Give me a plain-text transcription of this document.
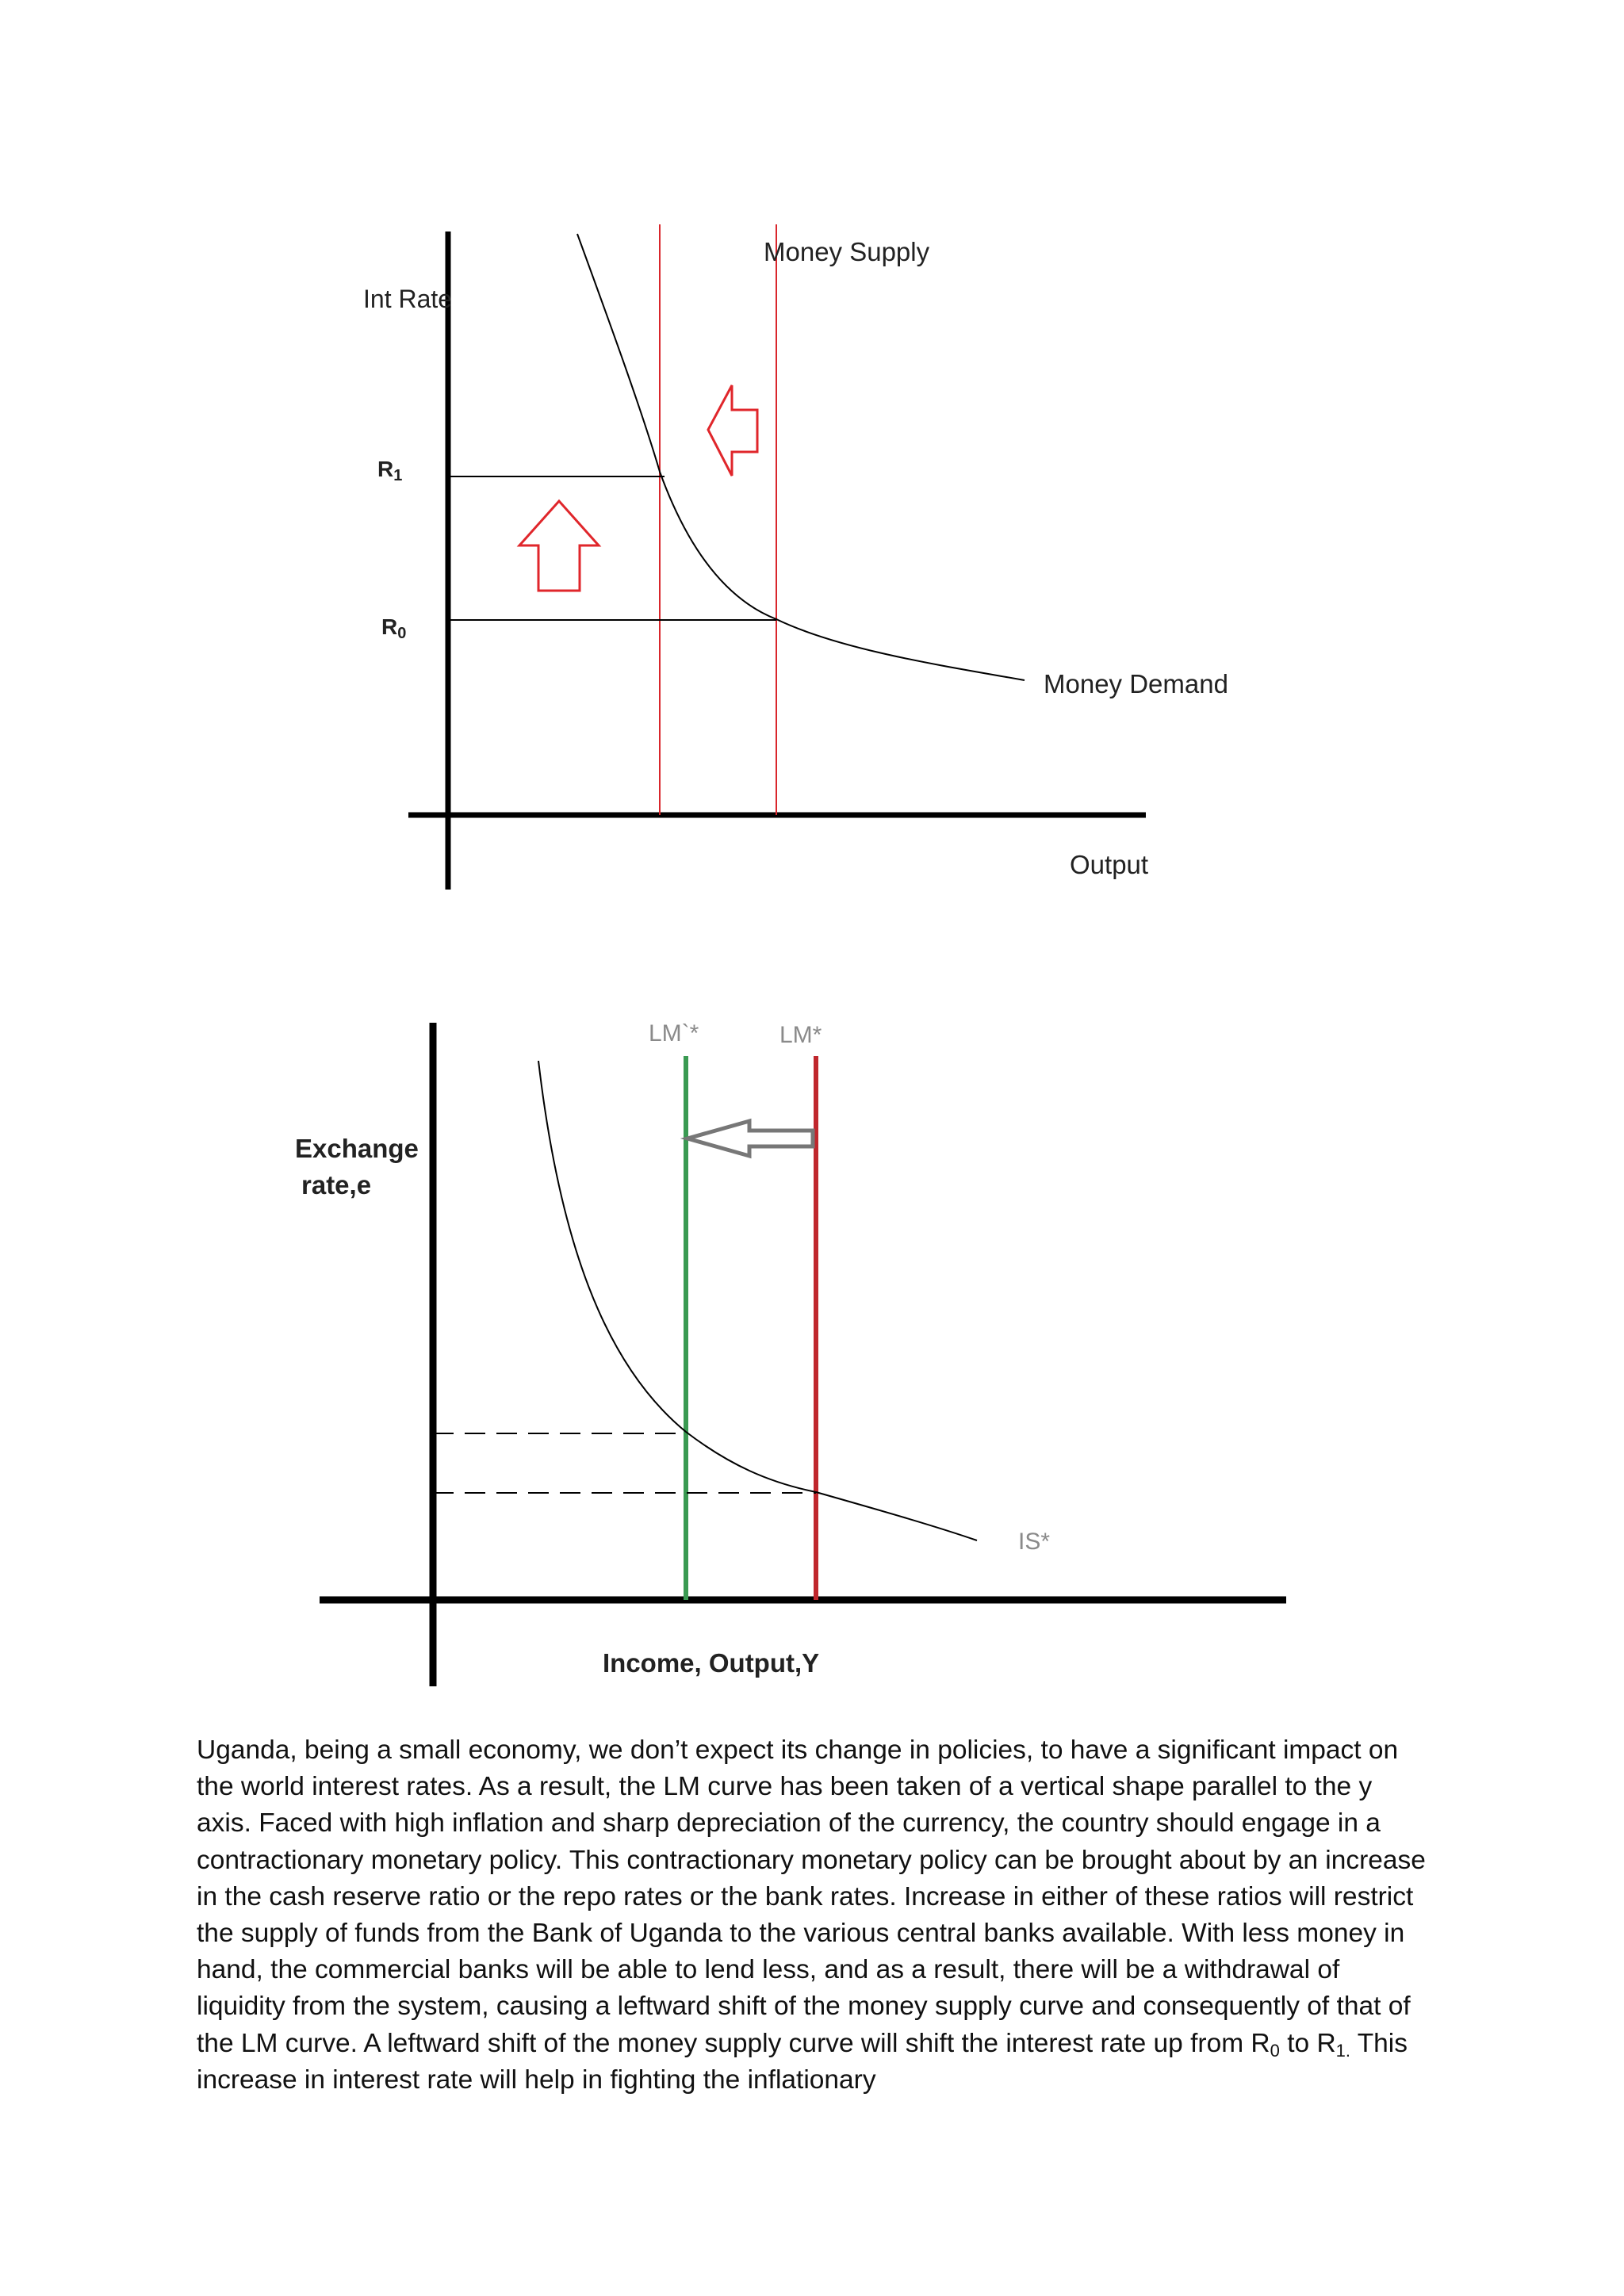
Int Rate
Money Supply
Money Demand
Output
R1
R0
LM`*	LM*
IS*
Exchange
rate,e
Income, Output,Y

Uganda, being a small economy, we don’t expect its change in policies, to have a significant impact on the world interest rates. As a result, the LM curve has been taken of a vertical shape parallel to the y axis. Faced with high inflation and sharp depreciation of the currency, the country should engage in a contractionary monetary policy. This contractionary monetary policy can be brought about by an increase in the cash reserve ratio or the repo rates or the bank rates. Increase in either of these ratios will restrict the supply of funds from the Bank of Uganda to the various central banks available. With less money in hand, the commercial banks will be able to lend less, and as a result, there will be a withdrawal of liquidity from the system, causing a leftward shift of the money supply curve and consequently of that of the LM curve. A leftward shift of the money supply curve will shift the interest rate up from $R_0$ to $R_{1.}$ This increase in interest rate will help in fighting the inflationary
